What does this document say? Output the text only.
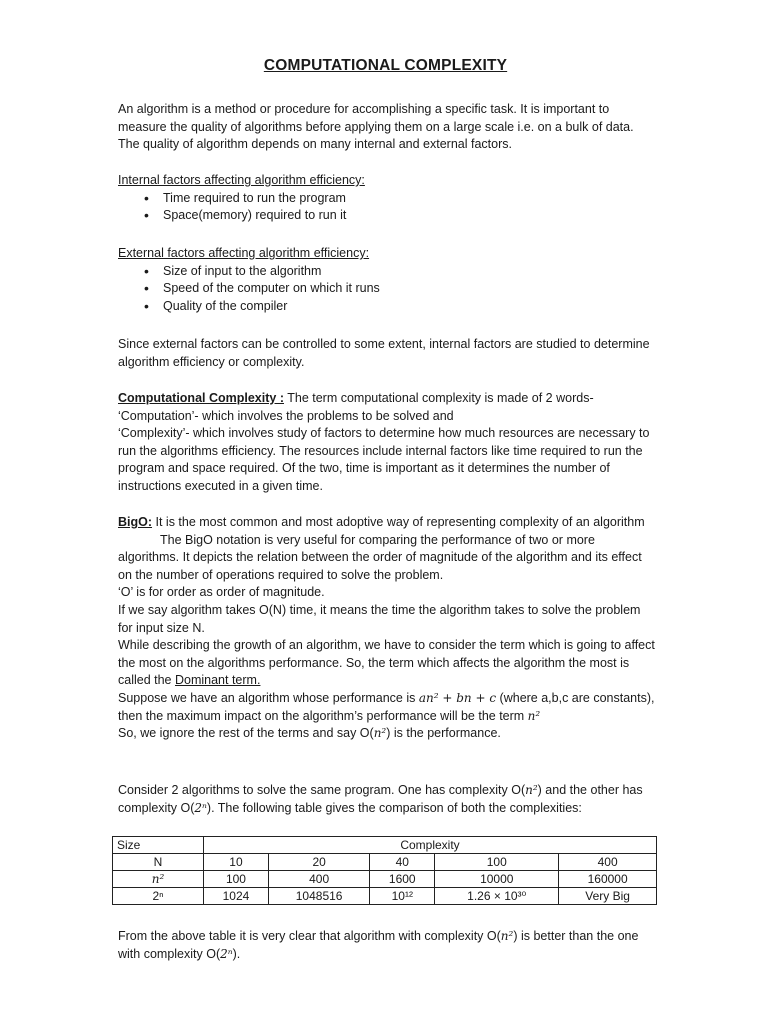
COMPUTATIONAL COMPLEXITY

An algorithm is a method or procedure for accomplishing a specific task. It is important to measure the quality of algorithms before applying them on a large scale i.e. on a bulk of data. The quality of algorithm depends on many internal and external factors.

Internal factors affecting algorithm efficiency:

• Time required to run the program
• Space(memory) required to run it

External factors affecting algorithm efficiency:

• Size of input to the algorithm
• Speed of the computer on which it runs
• Quality of the compiler

Since external factors can be controlled to some extent, internal factors are studied to determine algorithm efficiency or complexity.

Computational Complexity : The term computational complexity is made of 2 words-

‘Computation’- which involves the problems to be solved and

‘Complexity’- which involves study of factors to determine how much resources are necessary to run the algorithms efficiency. The resources include internal factors like time required to run the program and space required. Of the two, time is important as it determines the number of instructions executed in a given time.

BigO: It is the most common and most adoptive way of representing complexity of an algorithm

The BigO notation is very useful for comparing the performance of two or more algorithms. It depicts the relation between the order of magnitude of the algorithm and its effect on the number of operations required to solve the problem.

‘O’ is for order as order of magnitude.

If we say algorithm takes O(N) time, it means the time the algorithm takes to solve the problem for input size N.

While describing the growth of an algorithm, we have to consider the term which is going to affect the most on the algorithms performance. So, the term which affects the algorithm the most is called the Dominant term.

Suppose we have an algorithm whose performance is an² + bn + c (where a,b,c are constants), then the maximum impact on the algorithm’s performance will be the term n²

So, we ignore the rest of the terms and say O(n²) is the performance.

Consider 2 algorithms to solve the same program. One has complexity O(n²) and the other has complexity O(2ⁿ). The following table gives the comparison of both the complexities:

From the above table it is very clear that algorithm with complexity O(n²) is better than the one with complexity O(2ⁿ).

Size	Complexity				
N	10	20	40	100	400
n²	100	400	1600	10000	160000
2ⁿ	1024	1048516	10¹²	1.26 × 10³⁰	Very Big
